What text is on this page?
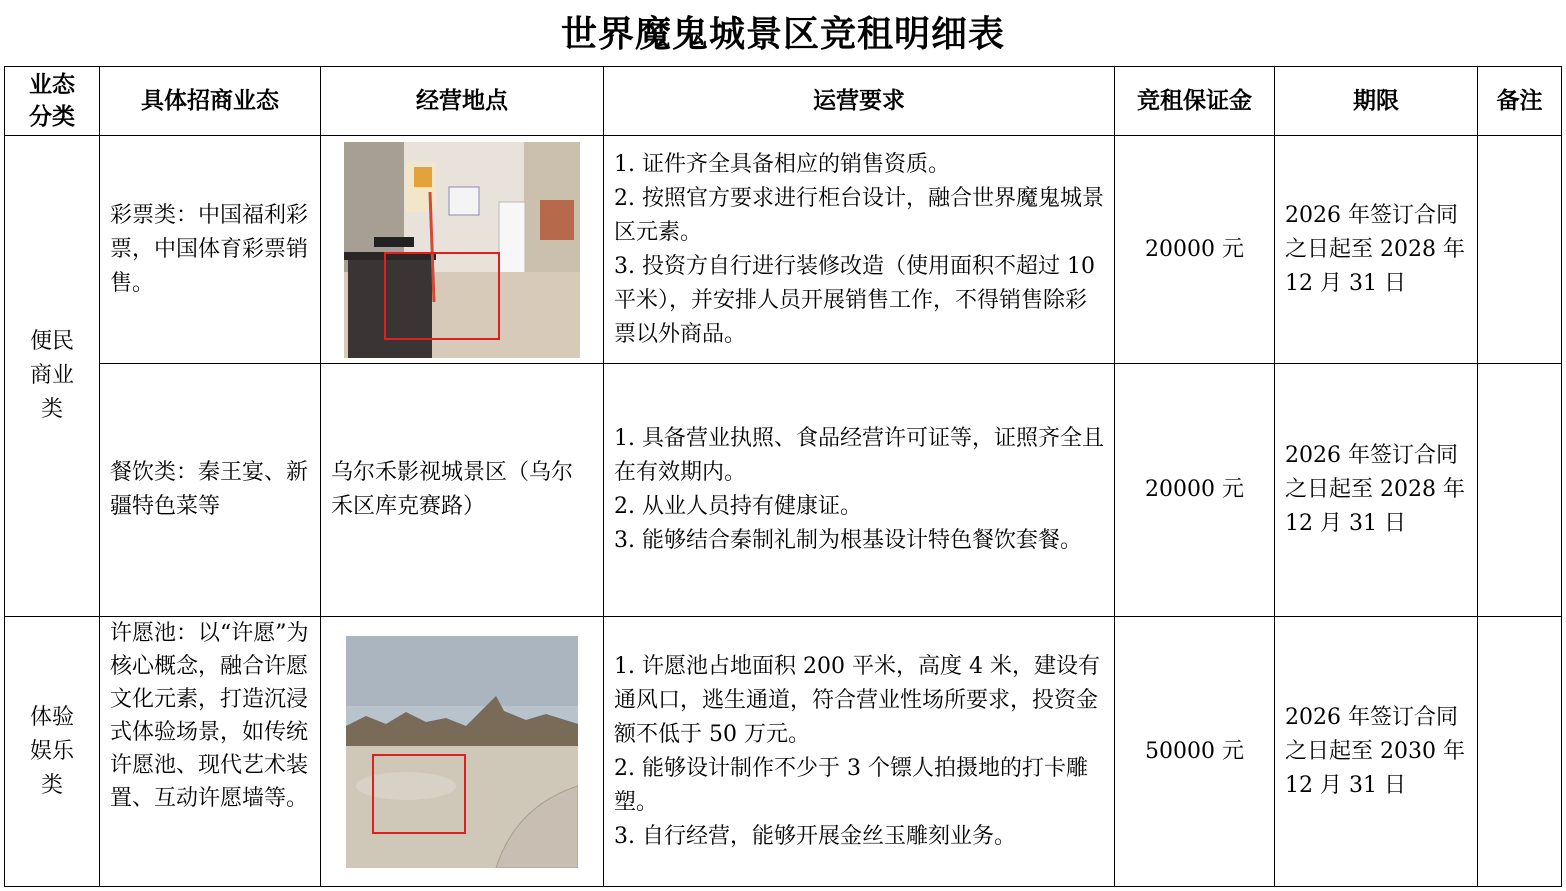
世界魔鬼城景区竞租明细表
业态分类	具体招商业态	经营地点	运营要求	竞租保证金	期限	备注
便民商业类	彩票类：中国福利彩票，中国体育彩票销售。		1. 证件齐全具备相应的销售资质。
2. 按照官方要求进行柜台设计，融合世界魔鬼城景区元素。
3. 投资方自行进行装修改造（使用面积不超过 10 平米），并安排人员开展销售工作，不得销售除彩票以外商品。	20000 元	2026 年签订合同之日起至 2028 年 12 月 31 日	
	餐饮类：秦王宴、新疆特色菜等	乌尔禾影视城景区（乌尔禾区库克赛路）	1. 具备营业执照、食品经营许可证等，证照齐全且在有效期内。
2. 从业人员持有健康证。
3. 能够结合秦制礼制为根基设计特色餐饮套餐。	20000 元	2026 年签订合同之日起至 2028 年 12 月 31 日	
体验娱乐类	许愿池：以“许愿”为核心概念，融合许愿文化元素，打造沉浸式体验场景，如传统许愿池、现代艺术装置、互动许愿墙等。		1. 许愿池占地面积 200 平米，高度 4 米，建设有通风口，逃生通道，符合营业性场所要求，投资金额不低于 50 万元。
2. 能够设计制作不少于 3 个镖人拍摄地的打卡雕塑。
3. 自行经营，能够开展金丝玉雕刻业务。	50000 元	2026 年签订合同之日起至 2030 年 12 月 31 日	
